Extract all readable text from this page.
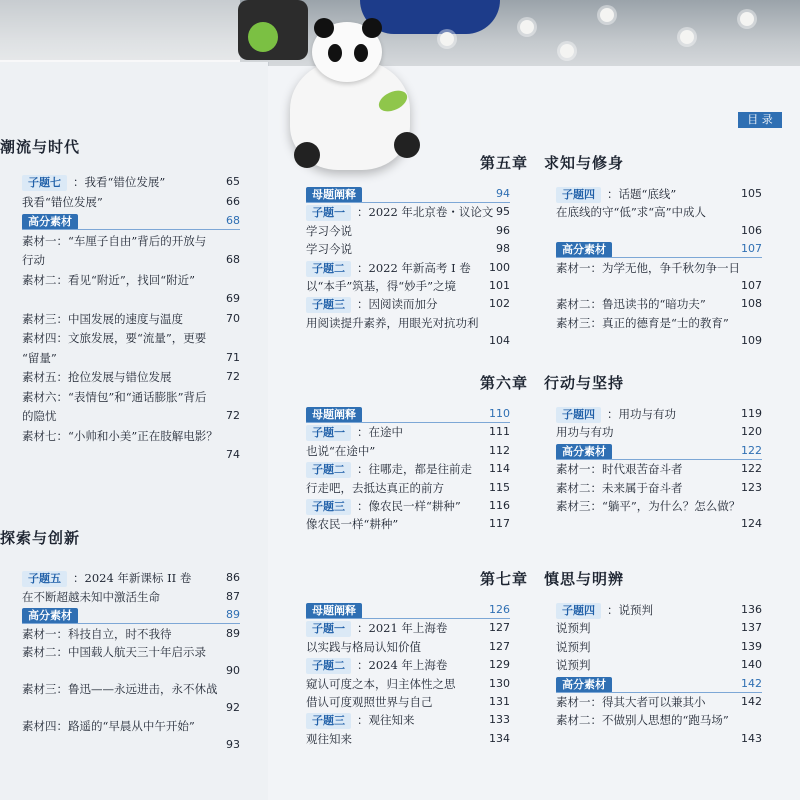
目 录
潮流与时代
探索与创新
子题七 ：我看“错位发展”	65
我看“错位发展”	66
高分素材	68
素材一：“车厘子自由”背后的开放与
行动	68
素材二：看见“附近”，找回“附近”
69
素材三：中国发展的速度与温度	70
素材四：文旅发展，要“流量”，更要
“留量”	71
素材五：抢位发展与错位发展	72
素材六：“表情包”和“通话膨胀”背后
的隐忧	72
素材七：“小帅和小美”正在肢解电影？
74
子题五 ：2024 年新课标 II 卷	86
在不断超越未知中激活生命	87
高分素材	89
素材一：科技自立，时不我待	89
素材二：中国载人航天三十年启示录
90
素材三：鲁迅——永远进击，永不休战
92
素材四：路遥的“早晨从中午开始”
93
第五章　求知与修身
母题阐释	94
子题一 ：2022 年北京卷・议论文 95
学习今说	96
学习今说	98
子题二 ：2022 年新高考 I 卷 100
以“本手”筑基，得“妙手”之境	101
子题三 ：因阅读而加分	102
用阅读提升素养，用眼光对抗功利
104
子题四 ：话题“底线”	105
在底线的守“低”求“高”中成人
106
高分素材	107
素材一：为学无他，争千秋勿争一日
107
素材二：鲁迅读书的“暗功夫”	108
素材三：真正的德育是“士的教育”
109
第六章　行动与坚持
母题阐释	110
子题一 ：在途中	111
也说“在途中”	112
子题二 ：往哪走，都是往前走 114
行走吧，去抵达真正的前方	115
子题三 ：像农民一样“耕种”	116
像农民一样“耕种”	117
子题四 ：用功与有功	119
用功与有功	120
高分素材	122
素材一：时代艰苦奋斗者	122
素材二：未来属于奋斗者	123
素材三：“躺平”，为什么？怎么做？
124
第七章　慎思与明辨
母题阐释	126
子题一 ：2021 年上海卷	127
以实践与格局认知价值	127
子题二 ：2024 年上海卷	129
窥认可度之本，归主体性之思	130
借认可度观照世界与自己	131
子题三 ：观往知来	133
观往知来	134
子题四 ：说预判	136
说预判	137
说预判	139
说预判	140
高分素材	142
素材一：得其大者可以兼其小	142
素材二：不做别人思想的“跑马场”
143
